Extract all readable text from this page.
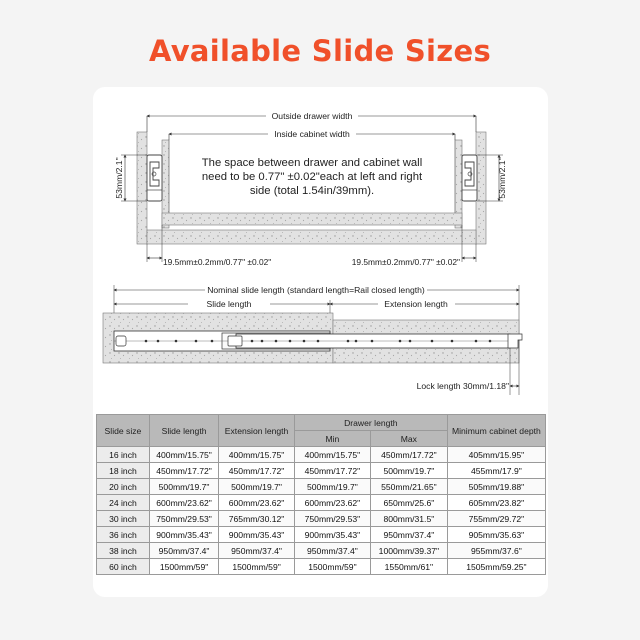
Available Slide Sizes
Outside drawer width
Inside cabinet width
The space between drawer and cabinet wall
need to be 0.77" ±0.02"each at left and right
side (total 1.54in/39mm).
53mm/2.1"	53mm/2.1"
19.5mm±0.2mm/0.77" ±0.02"	19.5mm±0.2mm/0.77" ±0.02"
Nominal slide length (standard length=Rail closed length)
Slide length	Extension length
Lock length 30mm/1.18"
Slide size	Slide length	Extension length	Drawer length		Minimum cabinet depth
			Min	Max	
16 inch	400mm/15.75"	400mm/15.75"	400mm/15.75"	450mm/17.72"	405mm/15.95"
18 inch	450mm/17.72"	450mm/17.72"	450mm/17.72"	500mm/19.7"	455mm/17.9"
20 inch	500mm/19.7"	500mm/19.7"	500mm/19.7"	550mm/21.65"	505mm/19.88"
24 inch	600mm/23.62"	600mm/23.62"	600mm/23.62"	650mm/25.6"	605mm/23.82"
30 inch	750mm/29.53"	765mm/30.12"	750mm/29.53"	800mm/31.5"	755mm/29.72"
36 inch	900mm/35.43"	900mm/35.43"	900mm/35.43"	950mm/37.4"	905mm/35.63"
38 inch	950mm/37.4"	950mm/37.4"	950mm/37.4"	1000mm/39.37"	955mm/37.6"
60 inch	1500mm/59"	1500mm/59"	1500mm/59"	1550mm/61"	1505mm/59.25"
